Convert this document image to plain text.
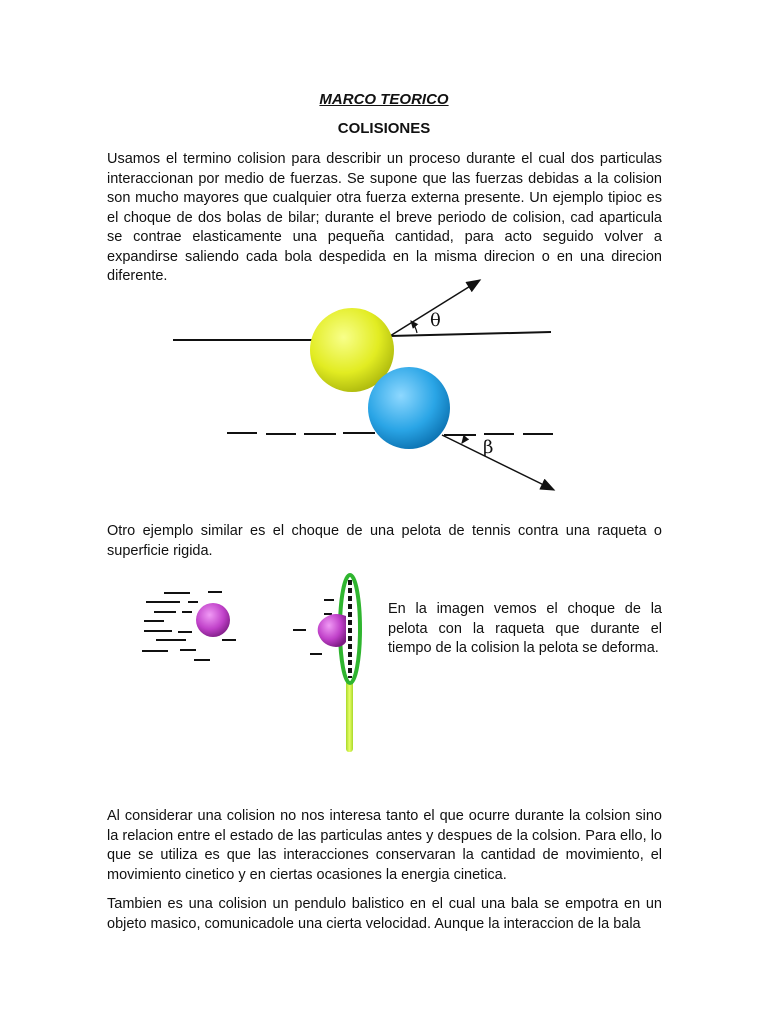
MARCO TEORICO
COLISIONES

Usamos el termino colision para describir un proceso durante el cual dos particulas interaccionan por medio de fuerzas. Se supone que las fuerzas debidas a la colision son mucho mayores que cualquier otra fuerza externa presente. Un ejemplo tipioc es el choque de dos bolas de bilar; durante el breve periodo de colision, cad aparticula se contrae elasticamente una pequeña cantidad, para acto seguido volver a expandirse saliendo cada bola despedida en la misma direcion o en una direcion diferente.

θ
β

Otro ejemplo similar es el choque de una pelota de tennis contra una raqueta o superficie rigida.

En la imagen vemos el choque de la pelota con la raqueta que durante el tiempo de la colision la pelota se deforma.

Al considerar una colision no nos interesa tanto el que ocurre durante la colsion sino la relacion entre el estado de las particulas antes y despues de la colsion. Para ello, lo que se utiliza es que las interacciones conservaran la cantidad de movimiento, el movimiento cinetico y en ciertas ocasiones la energia cinetica.

Tambien es una colision un pendulo balistico en el cual una bala se empotra en un objeto masico, comunicadole una cierta velocidad. Aunque la interaccion de la bala
